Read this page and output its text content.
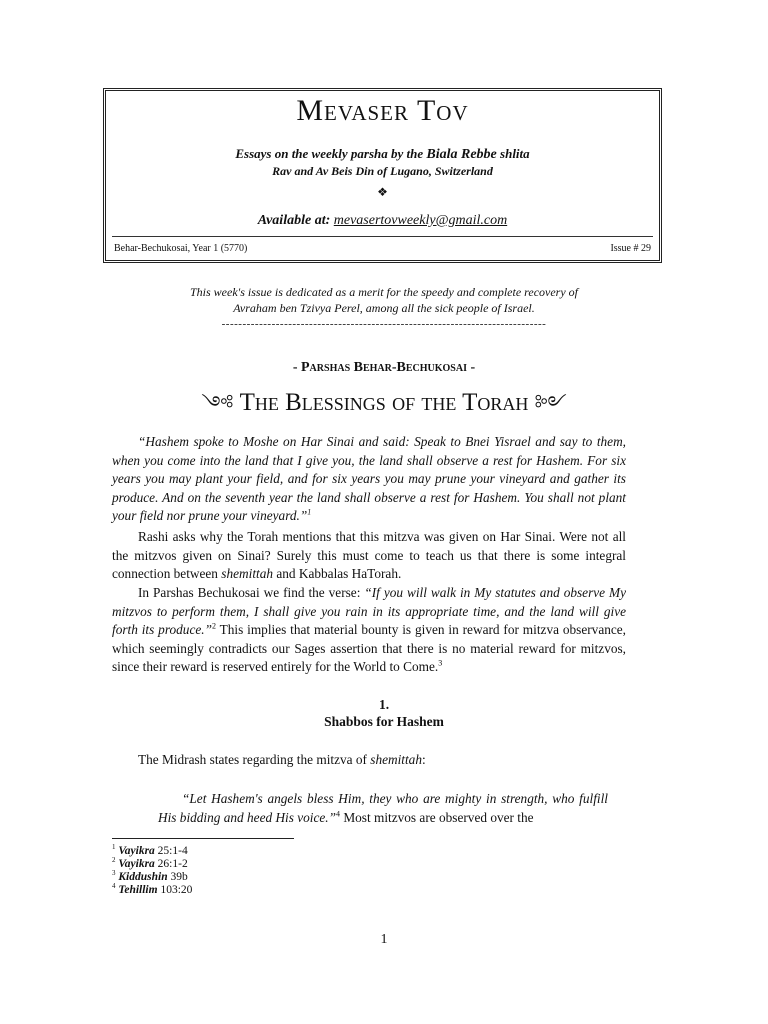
Mevaser Tov
Essays on the weekly parsha by the Biala Rebbe shlita
Rav and Av Beis Din of Lugano, Switzerland
❖
Available at: mevasertovweekly@gmail.com
Behar-Bechukosai, Year 1 (5770)	Issue # 29
This week's issue is dedicated as a merit for the speedy and complete recovery of
Avraham ben Tzivya Perel, among all the sick people of Israel.
------------------------------------------------------------------------------
- Parshas Behar-Bechukosai -
༺ The Blessings of the Torah ༻
“Hashem spoke to Moshe on Har Sinai and said: Speak to Bnei Yisrael and say to them, when you come into the land that I give you, the land shall observe a rest for Hashem. For six years you may plant your field, and for six years you may prune your vineyard and gather its produce. And on the seventh year the land shall observe a rest for Hashem. You shall not plant your field nor prune your vineyard.”$^1$
Rashi asks why the Torah mentions that this mitzva was given on Har Sinai. Were not all the mitzvos given on Sinai? Surely this must come to teach us that there is some integral connection between shemittah and Kabbalas HaTorah.
In Parshas Bechukosai we find the verse: “If you will walk in My statutes and observe My mitzvos to perform them, I shall give you rain in its appropriate time, and the land will give forth its produce.”$^2$ This implies that material bounty is given in reward for mitzva observance, which seemingly contradicts our Sages assertion that there is no material reward for mitzvos, since their reward is reserved entirely for the World to Come.$^3$
1.
Shabbos for Hashem
The Midrash states regarding the mitzva of shemittah:
“Let Hashem's angels bless Him, they who are mighty in strength, who fulfill His bidding and heed His voice.”$^4$ Most mitzvos are observed over the
$^1$ Vayikra 25:1-4
$^2$ Vayikra 26:1-2
$^3$ Kiddushin 39b
$^4$ Tehillim 103:20
1
